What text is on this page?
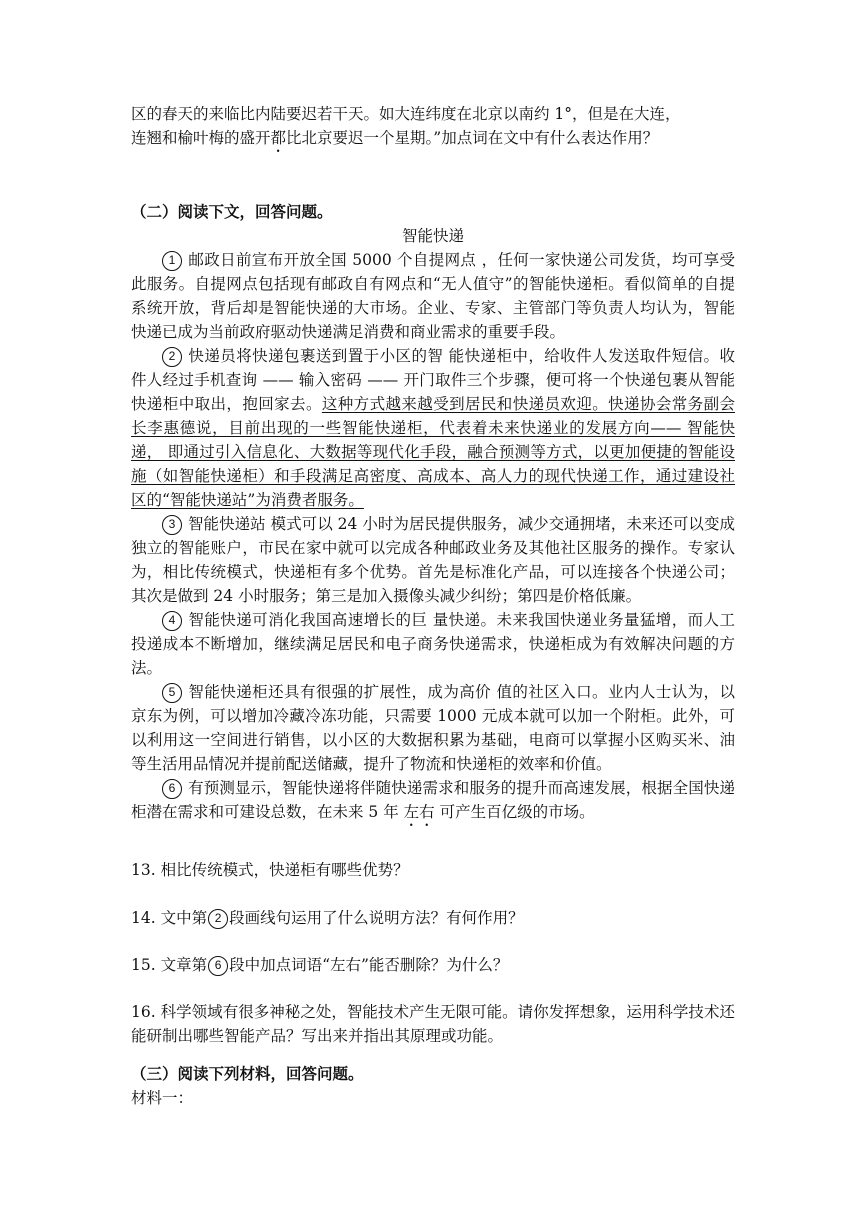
区的春天的来临比内陆要迟若干天。如大连纬度在北京以南约 1°，但是在大连，

连翘和榆叶梅的盛开都比北京要迟一个星期。”加点词在文中有什么表达作用？

（二）阅读下文，回答问题。

智能快递

1 邮政日前宣布开放全国 5000 个自提网点 ，任何一家快递公司发货，均可享受此服务。自提网点包括现有邮政自有网点和“无人值守”的智能快递柜。看似简单的自提系统开放，背后却是智能快递的大市场。企业、专家、主管部门等负责人均认为，智能快递已成为当前政府驱动快递满足消费和商业需求的重要手段。

2 快递员将快递包裹送到置于小区的智 能快递柜中，给收件人发送取件短信。收件人经过手机查询 —— 输入密码 —— 开门取件三个步骤，便可将一个快递包裹从智能快递柜中取出，抱回家去。这种方式越来越受到居民和快递员欢迎。快递协会常务副会长李惠德说，目前出现的一些智能快递柜，代表着未来快递业的发展方向—— 智能快递， 即通过引入信息化、大数据等现代化手段，融合预测等方式，以更加便捷的智能设施（如智能快递柜）和手段满足高密度、高成本、高人力的现代快递工作，通过建设社区的“智能快递站”为消费者服务。

3 智能快递站 模式可以 24 小时为居民提供服务，减少交通拥堵，未来还可以变成独立的智能账户，市民在家中就可以完成各种邮政业务及其他社区服务的操作。专家认为，相比传统模式，快递柜有多个优势。首先是标准化产品，可以连接各个快递公司；其次是做到 24 小时服务；第三是加入摄像头减少纠纷；第四是价格低廉。

4 智能快递可消化我国高速增长的巨 量快递。未来我国快递业务量猛增，而人工投递成本不断增加，继续满足居民和电子商务快递需求，快递柜成为有效解决问题的方法。

5 智能快递柜还具有很强的扩展性，成为高价 值的社区入口。业内人士认为，以京东为例，可以增加冷藏冷冻功能，只需要 1000 元成本就可以加一个附柜。此外，可以利用这一空间进行销售，以小区的大数据积累为基础，电商可以掌握小区购买米、油等生活用品情况并提前配送储藏，提升了物流和快递柜的效率和价值。

6 有预测显示，智能快递将伴随快递需求和服务的提升而高速发展，根据全国快递柜潜在需求和可建设总数，在未来 5 年 左右 可产生百亿级的市场。

13. 相比传统模式，快递柜有哪些优势？

14. 文中第 2 段画线句运用了什么说明方法？有何作用？

15. 文章第 6 段中加点词语“左右”能否删除？为什么？

16. 科学领域有很多神秘之处，智能技术产生无限可能。请你发挥想象，运用科学技术还能研制出哪些智能产品？写出来并指出其原理或功能。

（三）阅读下列材料，回答问题。

材料一：
